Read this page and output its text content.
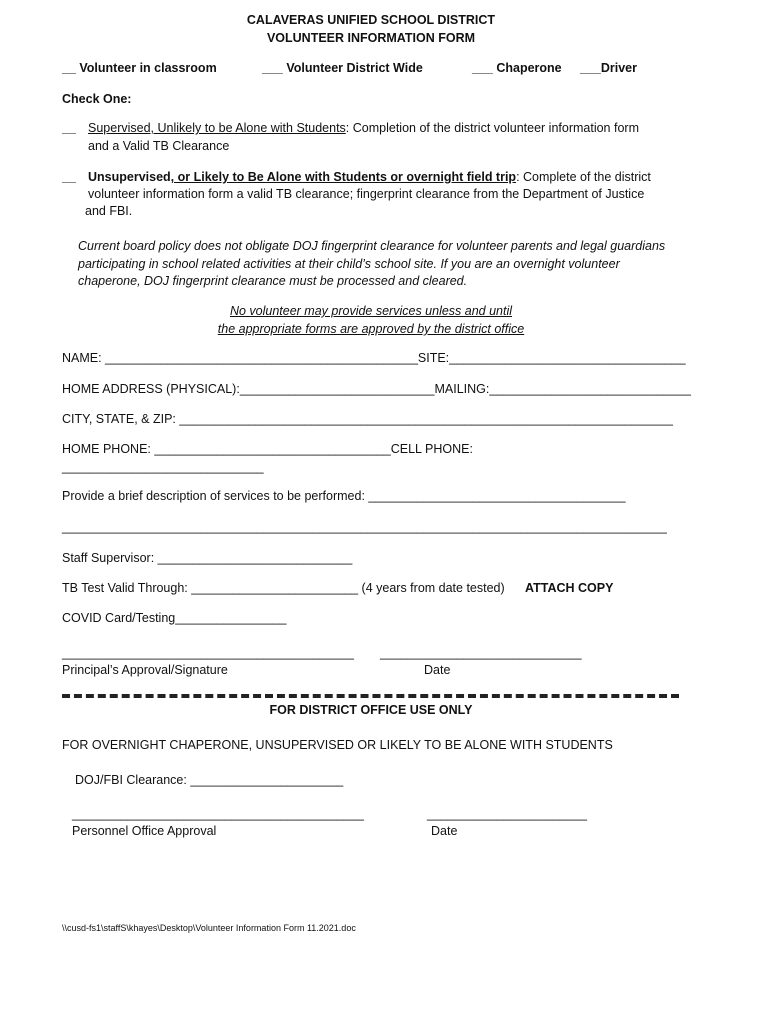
CALAVERAS UNIFIED SCHOOL DISTRICT
VOLUNTEER INFORMATION FORM
__ Volunteer in classroom	___ Volunteer District Wide	___ Chaperone ___Driver
Check One:
__ Supervised, Unlikely to be Alone with Students: Completion of the district volunteer information form
and a Valid TB Clearance
__ Unsupervised, or Likely to Be Alone with Students or overnight field trip: Complete of the district
volunteer information form a valid TB clearance; fingerprint clearance from the Department of Justice
and FBI.
Current board policy does not obligate DOJ fingerprint clearance for volunteer parents and legal guardians
participating in school related activities at their child’s school site. If you are an overnight volunteer
chaperone, DOJ fingerprint clearance must be processed and cleared.
No volunteer may provide services unless and until
the appropriate forms are approved by the district office
NAME: _____________________________________________SITE:__________________________________
HOME ADDRESS (PHYSICAL):____________________________MAILING:_____________________________
CITY, STATE, & ZIP: _______________________________________________________________________
HOME PHONE: __________________________________CELL PHONE:
_____________________________
Provide a brief description of services to be performed: _____________________________________
_______________________________________________________________________________________
Staff Supervisor: ____________________________
TB Test Valid Through: ________________________ (4 years from date tested) ATTACH COPY
COVID Card/Testing________________
__________________________________________ _____________________________
Principal’s Approval/Signature	Date
FOR DISTRICT OFFICE USE ONLY
FOR OVERNIGHT CHAPERONE, UNSUPERVISED OR LIKELY TO BE ALONE WITH STUDENTS
DOJ/FBI Clearance: ______________________
__________________________________________	_______________________
Personnel Office Approval	Date
\\cusd-fs1\staffS\khayes\Desktop\Volunteer Information Form 11.2021.doc
